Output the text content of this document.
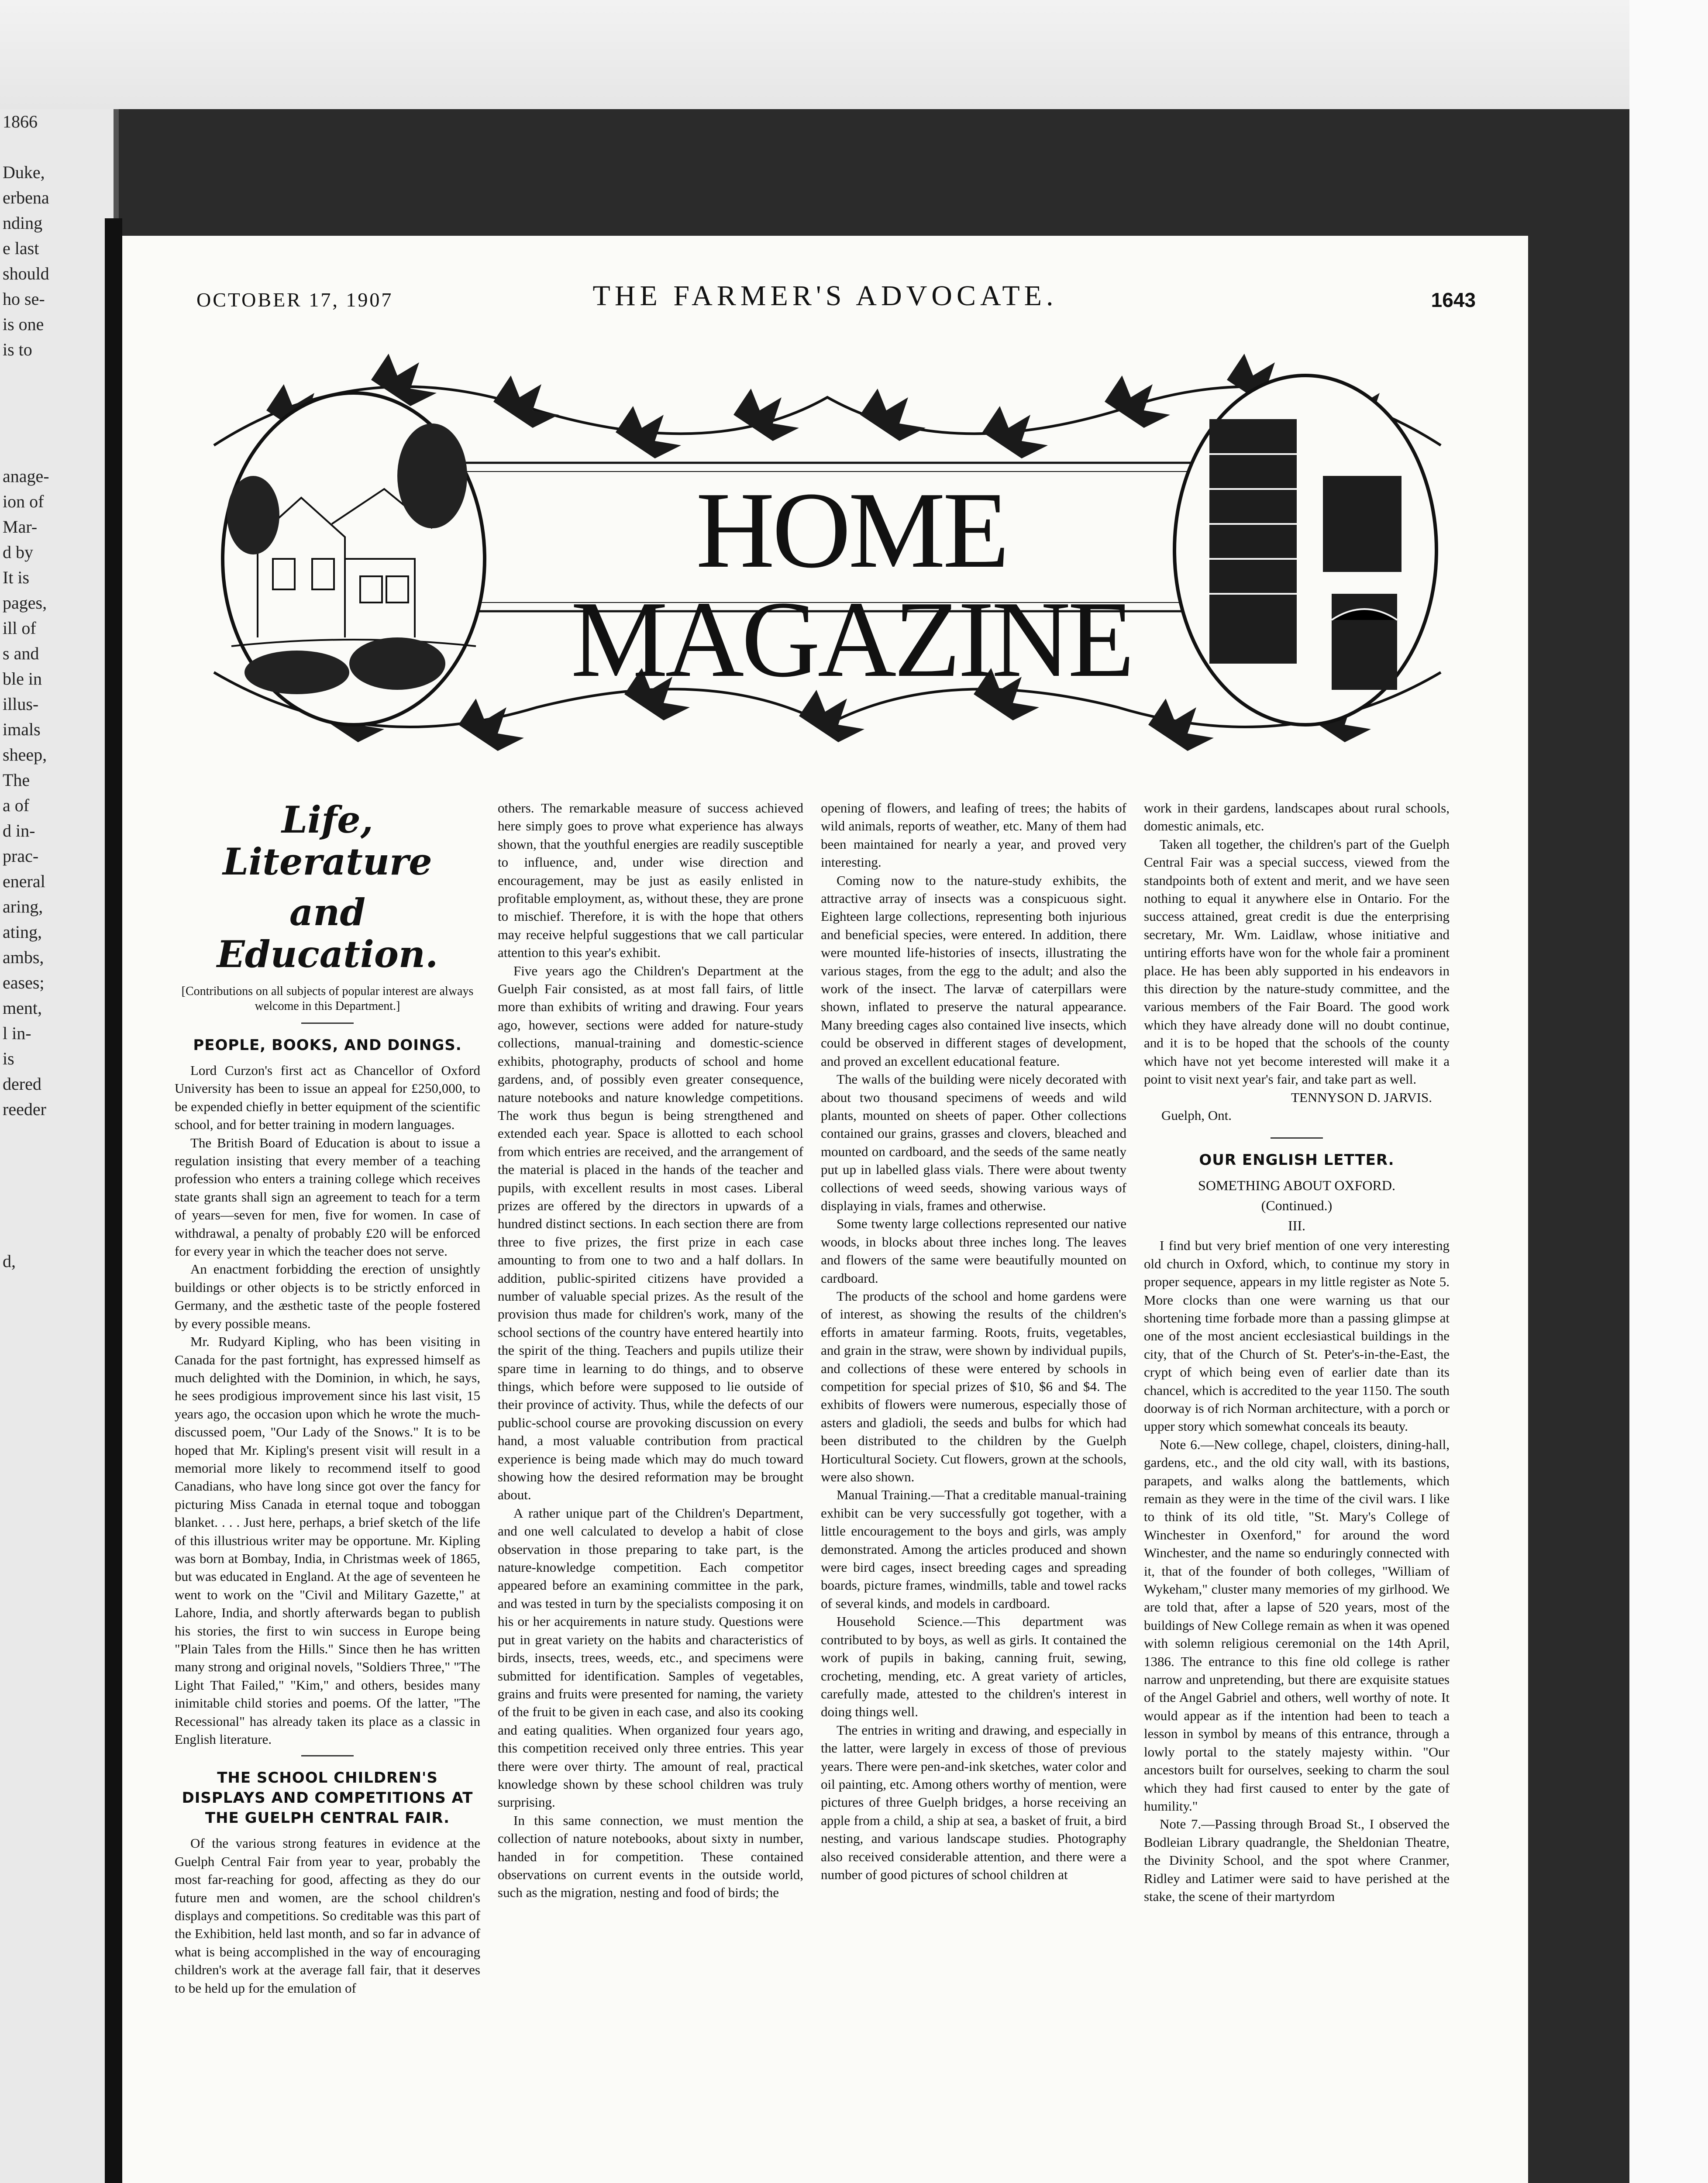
1866

Duke,
erbena
nding
e last
should
ho se-
is one
is to

anage-
ion of
Mar-
d by
It is
pages,
ill of
s and
ble in
illus-
imals
sheep,
The
a of
d in-
prac-
eneral
aring,
ating,
ambs,
eases;
ment,
l in-
is
dered
reeder

d,

OCTOBER 17, 1907	THE FARMER'S ADVOCATE.	1643
HOME MAGAZINE
Life, Literature
and Education.
[Contributions on all subjects of popular interest are always welcome in this Department.]
PEOPLE, BOOKS, AND DOINGS.

Lord Curzon's first act as Chancellor of Oxford University has been to issue an appeal for £250,000, to be expended chiefly in better equipment of the scientific school, and for better training in modern languages.

The British Board of Education is about to issue a regulation insisting that every member of a teaching profession who enters a training college which receives state grants shall sign an agreement to teach for a term of years—seven for men, five for women. In case of withdrawal, a penalty of probably £20 will be enforced for every year in which the teacher does not serve.

An enactment forbidding the erection of unsightly buildings or other objects is to be strictly enforced in Germany, and the æsthetic taste of the people fostered by every possible means.

Mr. Rudyard Kipling, who has been visiting in Canada for the past fortnight, has expressed himself as much delighted with the Dominion, in which, he says, he sees prodigious improvement since his last visit, 15 years ago, the occasion upon which he wrote the much-discussed poem, "Our Lady of the Snows." It is to be hoped that Mr. Kipling's present visit will result in a memorial more likely to recommend itself to good Canadians, who have long since got over the fancy for picturing Miss Canada in eternal toque and toboggan blanket. . . . Just here, perhaps, a brief sketch of the life of this illustrious writer may be opportune. Mr. Kipling was born at Bombay, India, in Christmas week of 1865, but was educated in England. At the age of seventeen he went to work on the "Civil and Military Gazette," at Lahore, India, and shortly afterwards began to publish his stories, the first to win success in Europe being "Plain Tales from the Hills." Since then he has written many strong and original novels, "Soldiers Three," "The Light That Failed," "Kim," and others, besides many inimitable child stories and poems. Of the latter, "The Recessional" has already taken its place as a classic in English literature.

THE SCHOOL CHILDREN'S DISPLAYS AND COMPETITIONS AT THE GUELPH CENTRAL FAIR.

Of the various strong features in evidence at the Guelph Central Fair from year to year, probably the most far-reaching for good, affecting as they do our future men and women, are the school children's displays and competitions. So creditable was this part of the Exhibition, held last month, and so far in advance of what is being accomplished in the way of encouraging children's work at the average fall fair, that it deserves to be held up for the emulation of

others. The remarkable measure of success achieved here simply goes to prove what experience has always shown, that the youthful energies are readily susceptible to influence, and, under wise direction and encouragement, may be just as easily enlisted in profitable employment, as, without these, they are prone to mischief. Therefore, it is with the hope that others may receive helpful suggestions that we call particular attention to this year's exhibit.

Five years ago the Children's Department at the Guelph Fair consisted, as at most fall fairs, of little more than exhibits of writing and drawing. Four years ago, however, sections were added for nature-study collections, manual-training and domestic-science exhibits, photography, products of school and home gardens, and, of possibly even greater consequence, nature notebooks and nature knowledge competitions. The work thus begun is being strengthened and extended each year. Space is allotted to each school from which entries are received, and the arrangement of the material is placed in the hands of the teacher and pupils, with excellent results in most cases. Liberal prizes are offered by the directors in upwards of a hundred distinct sections. In each section there are from three to five prizes, the first prize in each case amounting to from one to two and a half dollars. In addition, public-spirited citizens have provided a number of valuable special prizes. As the result of the provision thus made for children's work, many of the school sections of the country have entered heartily into the spirit of the thing. Teachers and pupils utilize their spare time in learning to do things, and to observe things, which before were supposed to lie outside of their province of activity. Thus, while the defects of our public-school course are provoking discussion on every hand, a most valuable contribution from practical experience is being made which may do much toward showing how the desired reformation may be brought about.

A rather unique part of the Children's Department, and one well calculated to develop a habit of close observation in those preparing to take part, is the nature-knowledge competition. Each competitor appeared before an examining committee in the park, and was tested in turn by the specialists composing it on his or her acquirements in nature study. Questions were put in great variety on the habits and characteristics of birds, insects, trees, weeds, etc., and specimens were submitted for identification. Samples of vegetables, grains and fruits were presented for naming, the variety of the fruit to be given in each case, and also its cooking and eating qualities. When organized four years ago, this competition received only three entries. This year there were over thirty. The amount of real, practical knowledge shown by these school children was truly surprising.

In this same connection, we must mention the collection of nature notebooks, about sixty in number, handed in for competition. These contained observations on current events in the outside world, such as the migration, nesting and food of birds; the

opening of flowers, and leafing of trees; the habits of wild animals, reports of weather, etc. Many of them had been maintained for nearly a year, and proved very interesting.

Coming now to the nature-study exhibits, the attractive array of insects was a conspicuous sight. Eighteen large collections, representing both injurious and beneficial species, were entered. In addition, there were mounted life-histories of insects, illustrating the various stages, from the egg to the adult; and also the work of the insect. The larvæ of caterpillars were shown, inflated to preserve the natural appearance. Many breeding cages also contained live insects, which could be observed in different stages of development, and proved an excellent educational feature.

The walls of the building were nicely decorated with about two thousand specimens of weeds and wild plants, mounted on sheets of paper. Other collections contained our grains, grasses and clovers, bleached and mounted on cardboard, and the seeds of the same neatly put up in labelled glass vials. There were about twenty collections of weed seeds, showing various ways of displaying in vials, frames and otherwise.

Some twenty large collections represented our native woods, in blocks about three inches long. The leaves and flowers of the same were beautifully mounted on cardboard.

The products of the school and home gardens were of interest, as showing the results of the children's efforts in amateur farming. Roots, fruits, vegetables, and grain in the straw, were shown by individual pupils, and collections of these were entered by schools in competition for special prizes of $10, $6 and $4. The exhibits of flowers were numerous, especially those of asters and gladioli, the seeds and bulbs for which had been distributed to the children by the Guelph Horticultural Society. Cut flowers, grown at the schools, were also shown.

Manual Training.—That a creditable manual-training exhibit can be very successfully got together, with a little encouragement to the boys and girls, was amply demonstrated. Among the articles produced and shown were bird cages, insect breeding cages and spreading boards, picture frames, windmills, table and towel racks of several kinds, and models in cardboard.

Household Science.—This department was contributed to by boys, as well as girls. It contained the work of pupils in baking, canning fruit, sewing, crocheting, mending, etc. A great variety of articles, carefully made, attested to the children's interest in doing things well.

The entries in writing and drawing, and especially in the latter, were largely in excess of those of previous years. There were pen-and-ink sketches, water color and oil painting, etc. Among others worthy of mention, were pictures of three Guelph bridges, a horse receiving an apple from a child, a ship at sea, a basket of fruit, a bird nesting, and various landscape studies. Photography also received considerable attention, and there were a number of good pictures of school children at

work in their gardens, landscapes about rural schools, domestic animals, etc.

Taken all together, the children's part of the Guelph Central Fair was a special success, viewed from the standpoints both of extent and merit, and we have seen nothing to equal it anywhere else in Ontario. For the success attained, great credit is due the enterprising secretary, Mr. Wm. Laidlaw, whose initiative and untiring efforts have won for the whole fair a prominent place. He has been ably supported in his endeavors in this direction by the nature-study committee, and the various members of the Fair Board. The good work which they have already done will no doubt continue, and it is to be hoped that the schools of the county which have not yet become interested will make it a point to visit next year's fair, and take part as well.

TENNYSON D. JARVIS.
Guelph, Ont.
OUR ENGLISH LETTER.
SOMETHING ABOUT OXFORD.
(Continued.)
III.

I find but very brief mention of one very interesting old church in Oxford, which, to continue my story in proper sequence, appears in my little register as Note 5. More clocks than one were warning us that our shortening time forbade more than a passing glimpse at one of the most ancient ecclesiastical buildings in the city, that of the Church of St. Peter's-in-the-East, the crypt of which being even of earlier date than its chancel, which is accredited to the year 1150. The south doorway is of rich Norman architecture, with a porch or upper story which somewhat conceals its beauty.

Note 6.—New college, chapel, cloisters, dining-hall, gardens, etc., and the old city wall, with its bastions, parapets, and walks along the battlements, which remain as they were in the time of the civil wars. I like to think of its old title, "St. Mary's College of Winchester in Oxenford," for around the word Winchester, and the name so enduringly connected with it, that of the founder of both colleges, "William of Wykeham," cluster many memories of my girlhood. We are told that, after a lapse of 520 years, most of the buildings of New College remain as when it was opened with solemn religious ceremonial on the 14th April, 1386. The entrance to this fine old college is rather narrow and unpretending, but there are exquisite statues of the Angel Gabriel and others, well worthy of note. It would appear as if the intention had been to teach a lesson in symbol by means of this entrance, through a lowly portal to the stately majesty within. "Our ancestors built for ourselves, seeking to charm the soul which they had first caused to enter by the gate of humility."

Note 7.—Passing through Broad St., I observed the Bodleian Library quadrangle, the Sheldonian Theatre, the Divinity School, and the spot where Cranmer, Ridley and Latimer were said to have perished at the stake, the scene of their martyrdom
